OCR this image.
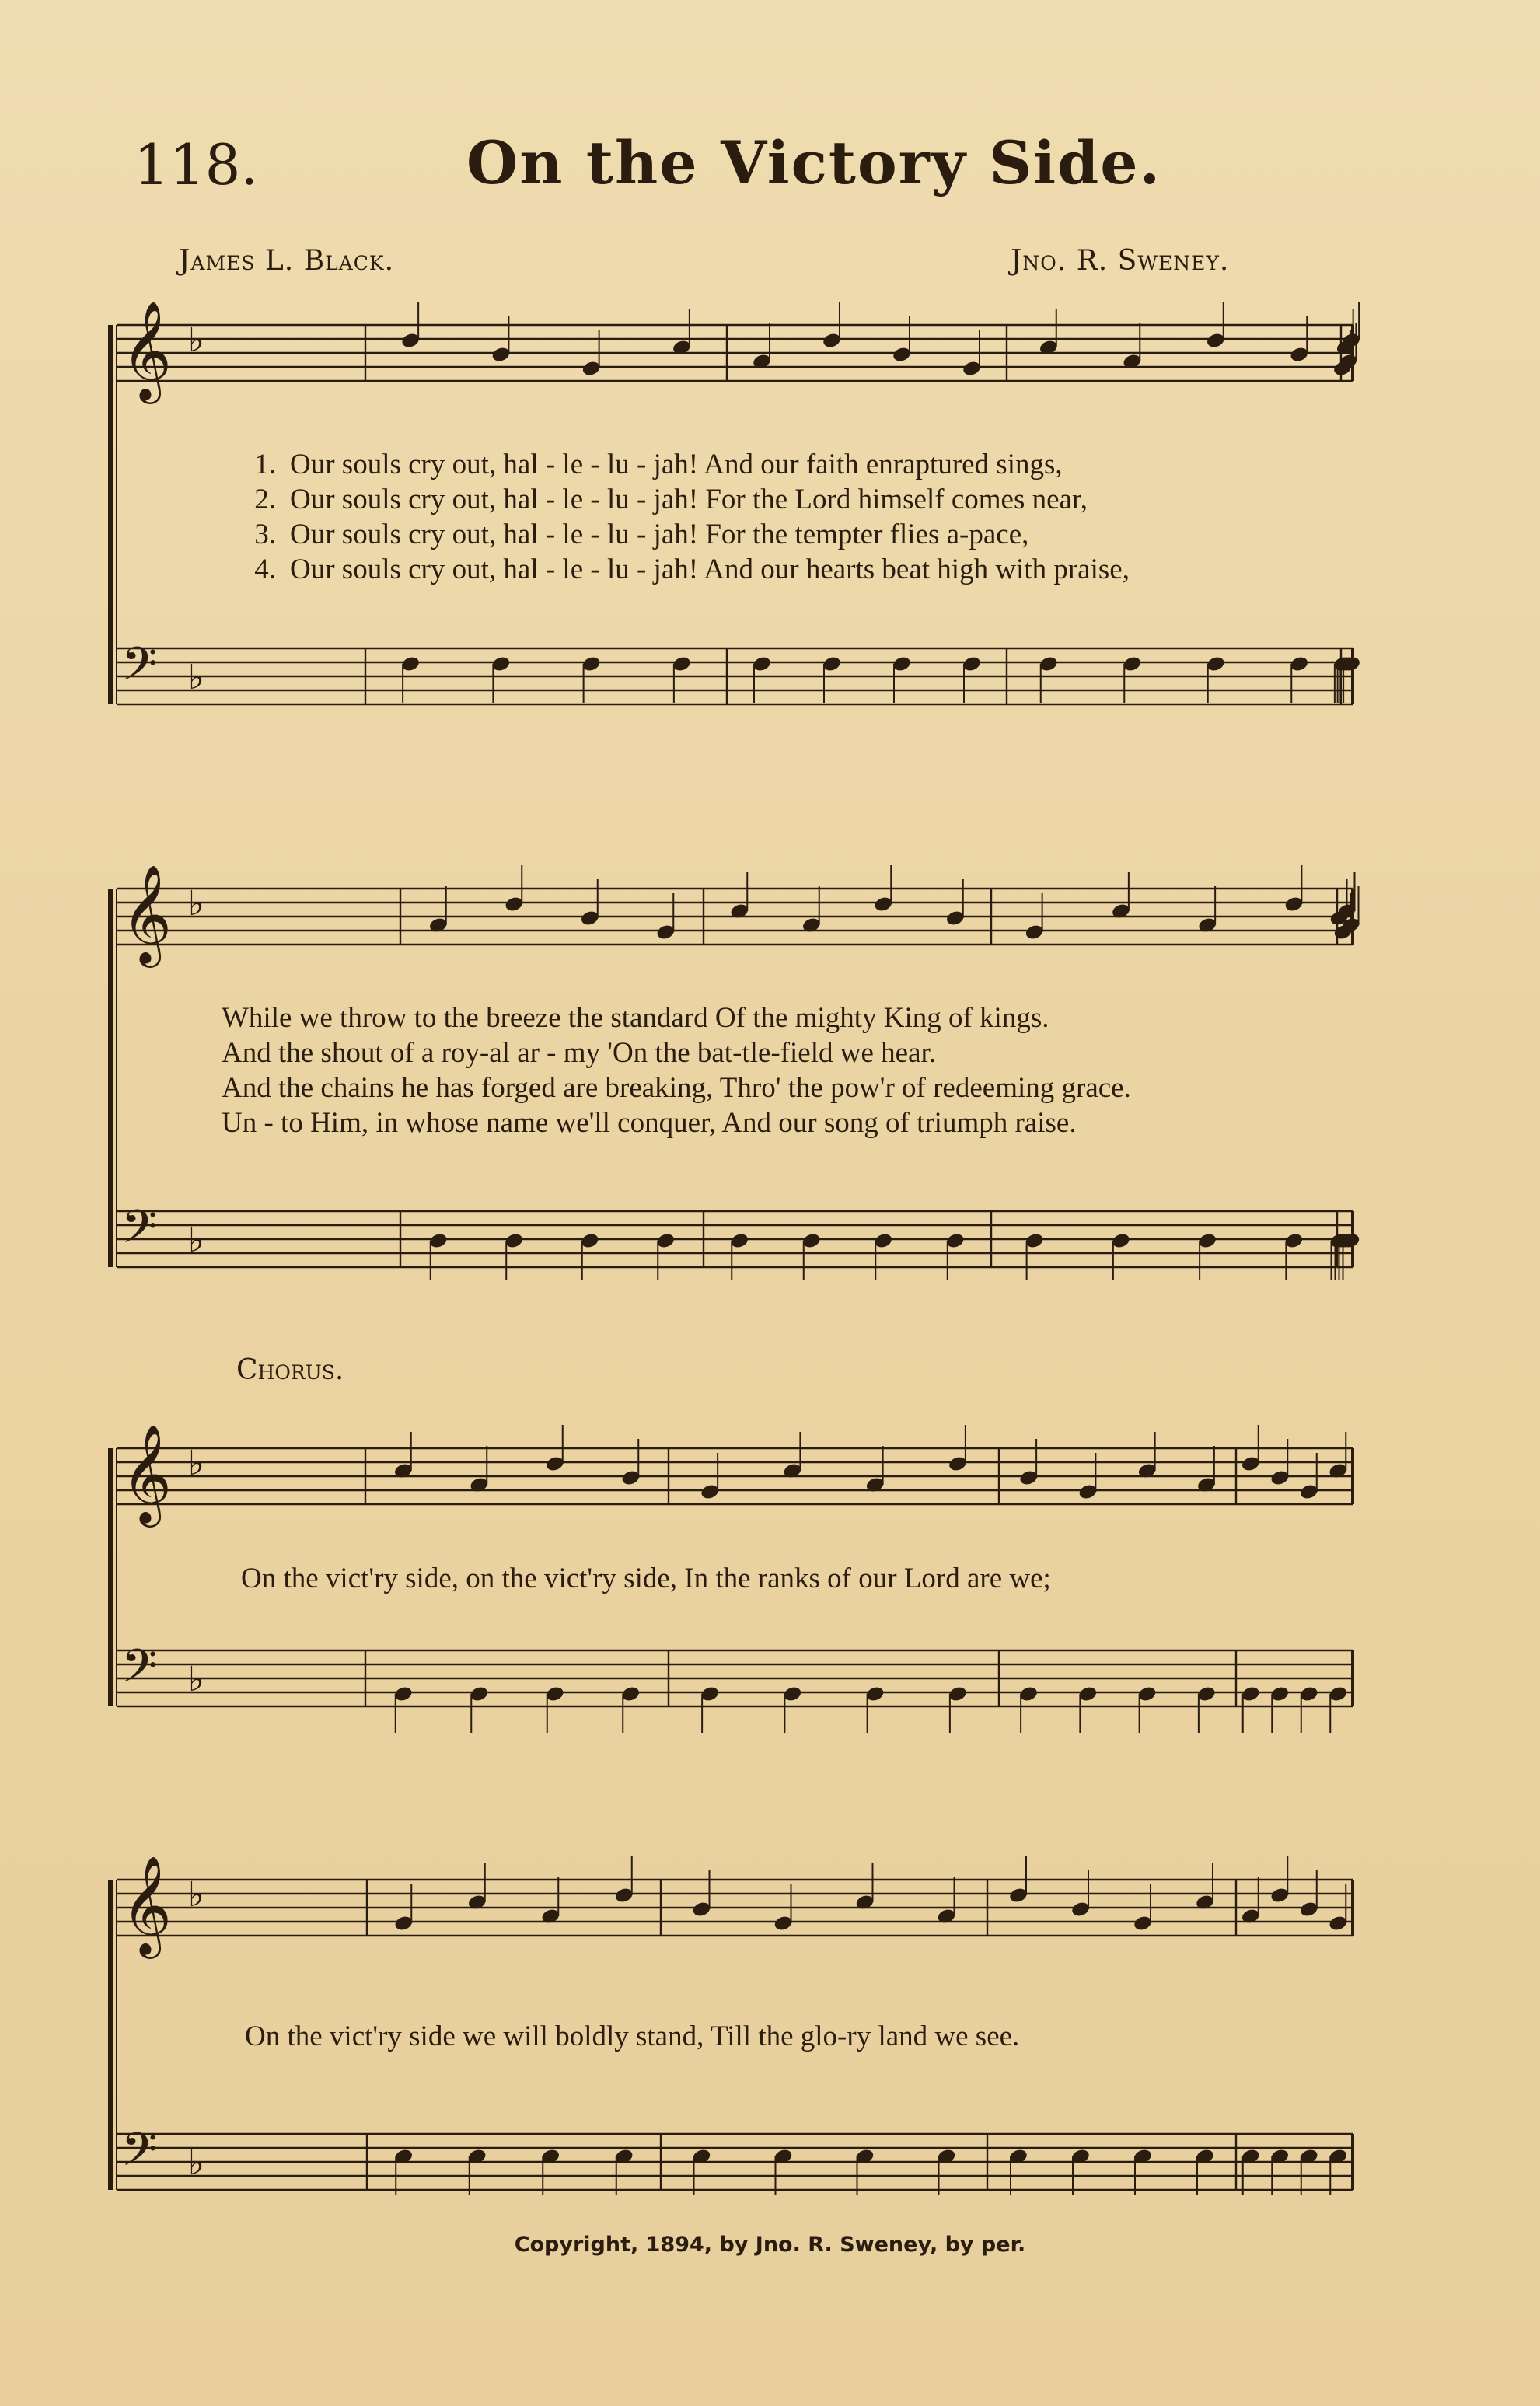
118.	On the Victory Side.
James L. Black.	Jno. R. Sweney.
𝄞 ♭
𝄢 ♭
1. Our souls cry out, hal - le - lu - jah! And our faith enraptured sings,
2. Our souls cry out, hal - le - lu - jah! For the Lord himself comes near,
3. Our souls cry out, hal - le - lu - jah! For the tempter flies a-pace,
4. Our souls cry out, hal - le - lu - jah! And our hearts beat high with praise,
𝄞 ♭
𝄢 ♭
While we throw to the breeze the standard Of the mighty King of kings.
And the shout of a roy-al ar - my 'On the bat-tle-field we hear.
And the chains he has forged are breaking, Thro' the pow'r of redeeming grace.
Un - to Him, in whose name we'll conquer, And our song of triumph raise.
Chorus.
𝄞 ♭
𝄢 ♭
On the vict'ry side, on the vict'ry side, In the ranks of our Lord are we;
𝄞 ♭
𝄢 ♭
On the vict'ry side we will boldly stand, Till the glo-ry land we see.
Copyright, 1894, by Jno. R. Sweney, by per.
